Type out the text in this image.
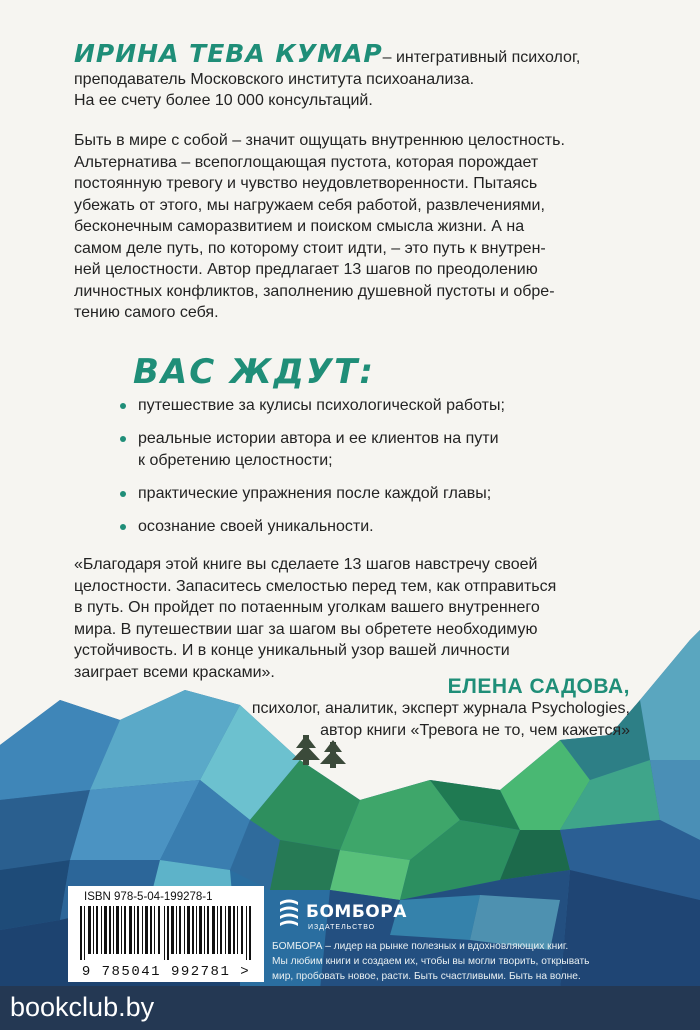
ИРИНА ТЕВА КУМАР– интегративный психолог,
преподаватель Московского института психоанализа.
На ее счету более 10 000 консультаций.
Быть в мире с собой – значит ощущать внутреннюю целостность.
Альтернатива – всепоглощающая пустота, которая порождает
постоянную тревогу и чувство неудовлетворенности. Пытаясь
убежать от этого, мы нагружаем себя работой, развлечениями,
бесконечным саморазвитием и поиском смысла жизни. А на
самом деле путь, по которому стоит идти, – это путь к внутрен-
ней целостности. Автор предлагает 13 шагов по преодолению
личностных конфликтов, заполнению душевной пустоты и обре-
тению самого себя.
ВАС ЖДУТ:
путешествие за кулисы психологической работы;
реальные истории автора и ее клиентов на пути
к обретению целостности;
практические упражнения после каждой главы;
осознание своей уникальности.
«Благодаря этой книге вы сделаете 13 шагов навстречу своей
целостности. Запаситесь смелостью перед тем, как отправиться
в путь. Он пройдет по потаенным уголкам вашего внутреннего
мира. В путешествии шаг за шагом вы обретете необходимую
устойчивость. И в конце уникальный узор вашей личности
заиграет всеми красками».
ЕЛЕНА САДОВА,
психолог, аналитик, эксперт журнала Psychologies,
автор книги «Тревога не то, чем кажется»
ISBN 978-5-04-199278-1
9 785041 992781 >
БОМБОРА
ИЗДАТЕЛЬСТВО
БОМБОРА – лидер на рынке полезных и вдохновляющих книг.
Мы любим книги и создаем их, чтобы вы могли творить, открывать
мир, пробовать новое, расти. Быть счастливыми. Быть на волне.
bookclub.by
